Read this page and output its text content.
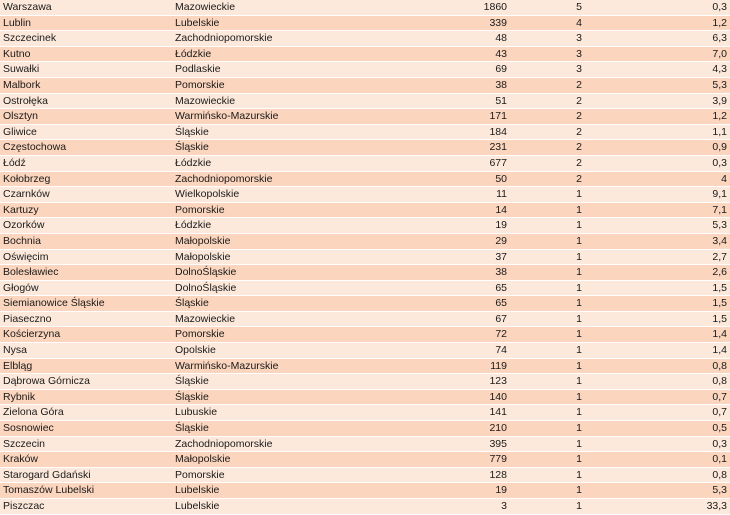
Warszawa	Mazowieckie	1860	5	0,3
Lublin	Lubelskie	339	4	1,2
Szczecinek	Zachodniopomorskie	48	3	6,3
Kutno	Łódzkie	43	3	7,0
Suwałki	Podlaskie	69	3	4,3
Malbork	Pomorskie	38	2	5,3
Ostrołęka	Mazowieckie	51	2	3,9
Olsztyn	Warmińsko-Mazurskie	171	2	1,2
Gliwice	Śląskie	184	2	1,1
Częstochowa	Śląskie	231	2	0,9
Łódź	Łódzkie	677	2	0,3
Kołobrzeg	Zachodniopomorskie	50	2	4
Czarnków	Wielkopolskie	11	1	9,1
Kartuzy	Pomorskie	14	1	7,1
Ozorków	Łódzkie	19	1	5,3
Bochnia	Małopolskie	29	1	3,4
Oświęcim	Małopolskie	37	1	2,7
Bolesławiec	DolnoŚląskie	38	1	2,6
Głogów	DolnoŚląskie	65	1	1,5
Siemianowice Śląskie	Śląskie	65	1	1,5
Piaseczno	Mazowieckie	67	1	1,5
Kościerzyna	Pomorskie	72	1	1,4
Nysa	Opolskie	74	1	1,4
Elbląg	Warmińsko-Mazurskie	119	1	0,8
Dąbrowa Górnicza	Śląskie	123	1	0,8
Rybnik	Śląskie	140	1	0,7
Zielona Góra	Lubuskie	141	1	0,7
Sosnowiec	Śląskie	210	1	0,5
Szczecin	Zachodniopomorskie	395	1	0,3
Kraków	Małopolskie	779	1	0,1
Starogard Gdański	Pomorskie	128	1	0,8
Tomaszów Lubelski	Lubelskie	19	1	5,3
Piszczac	Lubelskie	3	1	33,3
